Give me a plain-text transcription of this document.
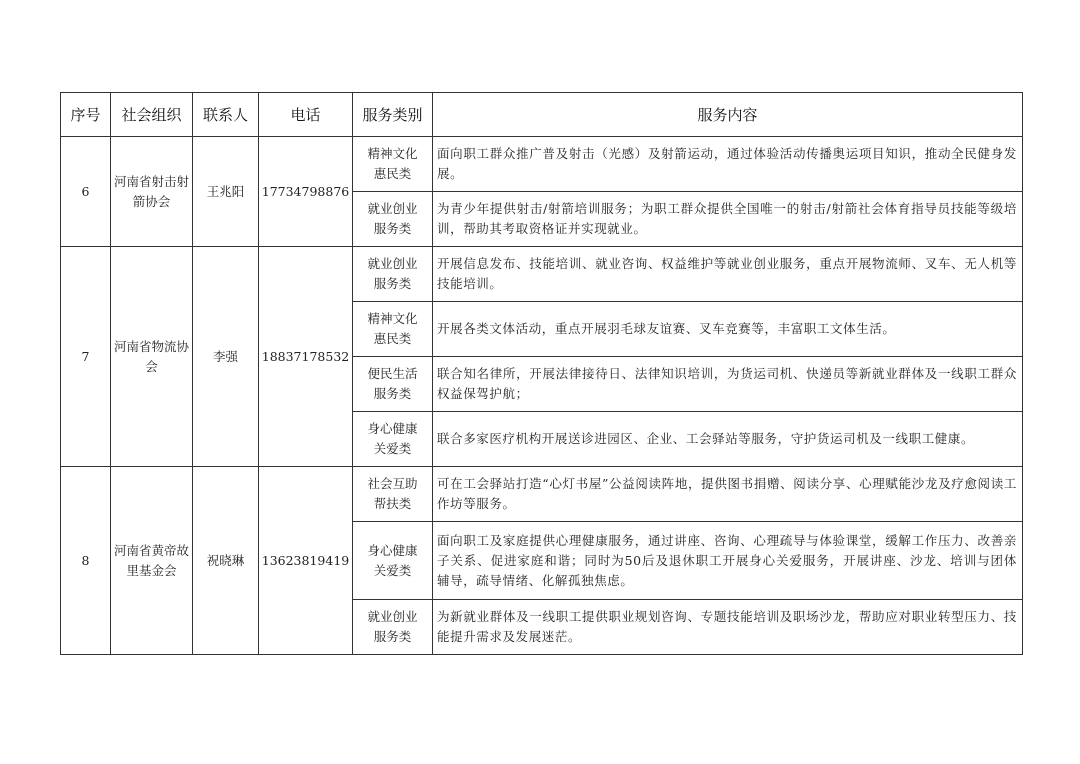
序号	社会组织	联系人	电话	服务类别	服务内容
6	河南省射击射箭协会	王兆阳	17734798876	精神文化惠民类	面向职工群众推广普及射击（光感）及射箭运动，通过体验活动传播奥运项目知识，推动全民健身发展。
				就业创业服务类	为青少年提供射击/射箭培训服务；为职工群众提供全国唯一的射击/射箭社会体育指导员技能等级培训，帮助其考取资格证并实现就业。
7	河南省物流协会	李强	18837178532	就业创业服务类	开展信息发布、技能培训、就业咨询、权益维护等就业创业服务，重点开展物流师、叉车、无人机等技能培训。
				精神文化惠民类	开展各类文体活动，重点开展羽毛球友谊赛、叉车竞赛等，丰富职工文体生活。
				便民生活服务类	联合知名律所，开展法律接待日、法律知识培训，为货运司机、快递员等新就业群体及一线职工群众权益保驾护航；
				身心健康关爱类	联合多家医疗机构开展送诊进园区、企业、工会驿站等服务，守护货运司机及一线职工健康。
8	河南省黄帝故里基金会	祝晓琳	13623819419	社会互助帮扶类	可在工会驿站打造“心灯书屋”公益阅读阵地，提供图书捐赠、阅读分享、心理赋能沙龙及疗愈阅读工作坊等服务。
				身心健康关爱类	面向职工及家庭提供心理健康服务，通过讲座、咨询、心理疏导与体验课堂，缓解工作压力、改善亲子关系、促进家庭和谐；同时为50后及退休职工开展身心关爱服务，开展讲座、沙龙、培训与团体辅导，疏导情绪、化解孤独焦虑。
				就业创业服务类	为新就业群体及一线职工提供职业规划咨询、专题技能培训及职场沙龙，帮助应对职业转型压力、技能提升需求及发展迷茫。
